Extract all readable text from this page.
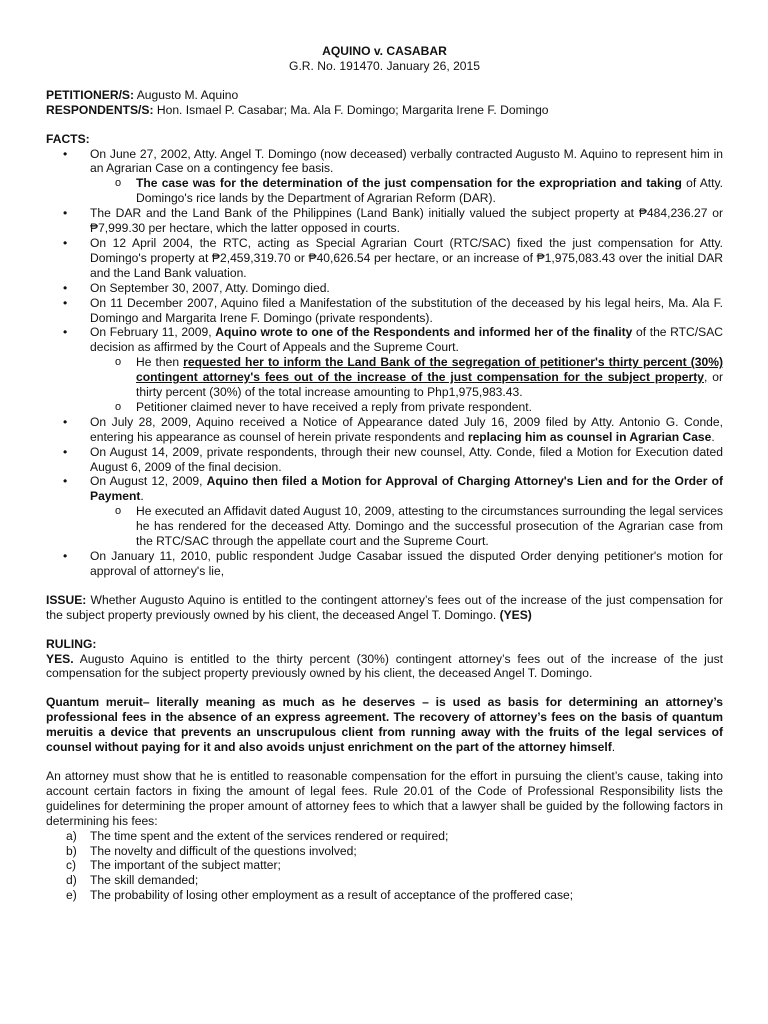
AQUINO v. CASABAR
G.R. No. 191470. January 26, 2015
PETITIONER/S: Augusto M. Aquino
RESPONDENTS/S: Hon. Ismael P. Casabar; Ma. Ala F. Domingo; Margarita Irene F. Domingo
FACTS:
• On June 27, 2002, Atty. Angel T. Domingo (now deceased) verbally contracted Augusto M. Aquino to represent him in an Agrarian Case on a contingency fee basis.
o The case was for the determination of the just compensation for the expropriation and taking of Atty. Domingo's rice lands by the Department of Agrarian Reform (DAR).
• The DAR and the Land Bank of the Philippines (Land Bank) initially valued the subject property at ₱484,236.27 or ₱7,999.30 per hectare, which the latter opposed in courts.
• On 12 April 2004, the RTC, acting as Special Agrarian Court (RTC/SAC) fixed the just compensation for Atty. Domingo's property at ₱2,459,319.70 or ₱40,626.54 per hectare, or an increase of ₱1,975,083.43 over the initial DAR and the Land Bank valuation.
• On September 30, 2007, Atty. Domingo died.
• On 11 December 2007, Aquino filed a Manifestation of the substitution of the deceased by his legal heirs, Ma. Ala F. Domingo and Margarita Irene F. Domingo (private respondents).
• On February 11, 2009, Aquino wrote to one of the Respondents and informed her of the finality of the RTC/SAC decision as affirmed by the Court of Appeals and the Supreme Court.
o He then requested her to inform the Land Bank of the segregation of petitioner's thirty percent (30%) contingent attorney's fees out of the increase of the just compensation for the subject property, or thirty percent (30%) of the total increase amounting to Php1,975,983.43.
o Petitioner claimed never to have received a reply from private respondent.
• On July 28, 2009, Aquino received a Notice of Appearance dated July 16, 2009 filed by Atty. Antonio G. Conde, entering his appearance as counsel of herein private respondents and replacing him as counsel in Agrarian Case.
• On August 14, 2009, private respondents, through their new counsel, Atty. Conde, filed a Motion for Execution dated August 6, 2009 of the final decision.
• On August 12, 2009, Aquino then filed a Motion for Approval of Charging Attorney's Lien and for the Order of Payment.
o He executed an Affidavit dated August 10, 2009, attesting to the circumstances surrounding the legal services he has rendered for the deceased Atty. Domingo and the successful prosecution of the Agrarian case from the RTC/SAC through the appellate court and the Supreme Court.
• On January 11, 2010, public respondent Judge Casabar issued the disputed Order denying petitioner's motion for approval of attorney's lie,
ISSUE: Whether Augusto Aquino is entitled to the contingent attorney’s fees out of the increase of the just compensation for the subject property previously owned by his client, the deceased Angel T. Domingo. (YES)
RULING:
YES. Augusto Aquino is entitled to the thirty percent (30%) contingent attorney’s fees out of the increase of the just compensation for the subject property previously owned by his client, the deceased Angel T. Domingo.
Quantum meruit– literally meaning as much as he deserves – is used as basis for determining an attorney’s professional fees in the absence of an express agreement. The recovery of attorney’s fees on the basis of quantum meruitis a device that prevents an unscrupulous client from running away with the fruits of the legal services of counsel without paying for it and also avoids unjust enrichment on the part of the attorney himself.
An attorney must show that he is entitled to reasonable compensation for the effort in pursuing the client’s cause, taking into account certain factors in fixing the amount of legal fees. Rule 20.01 of the Code of Professional Responsibility lists the guidelines for determining the proper amount of attorney fees to which that a lawyer shall be guided by the following factors in determining his fees:
a) The time spent and the extent of the services rendered or required;
b) The novelty and difficult of the questions involved;
c) The important of the subject matter;
d) The skill demanded;
e) The probability of losing other employment as a result of acceptance of the proffered case;
